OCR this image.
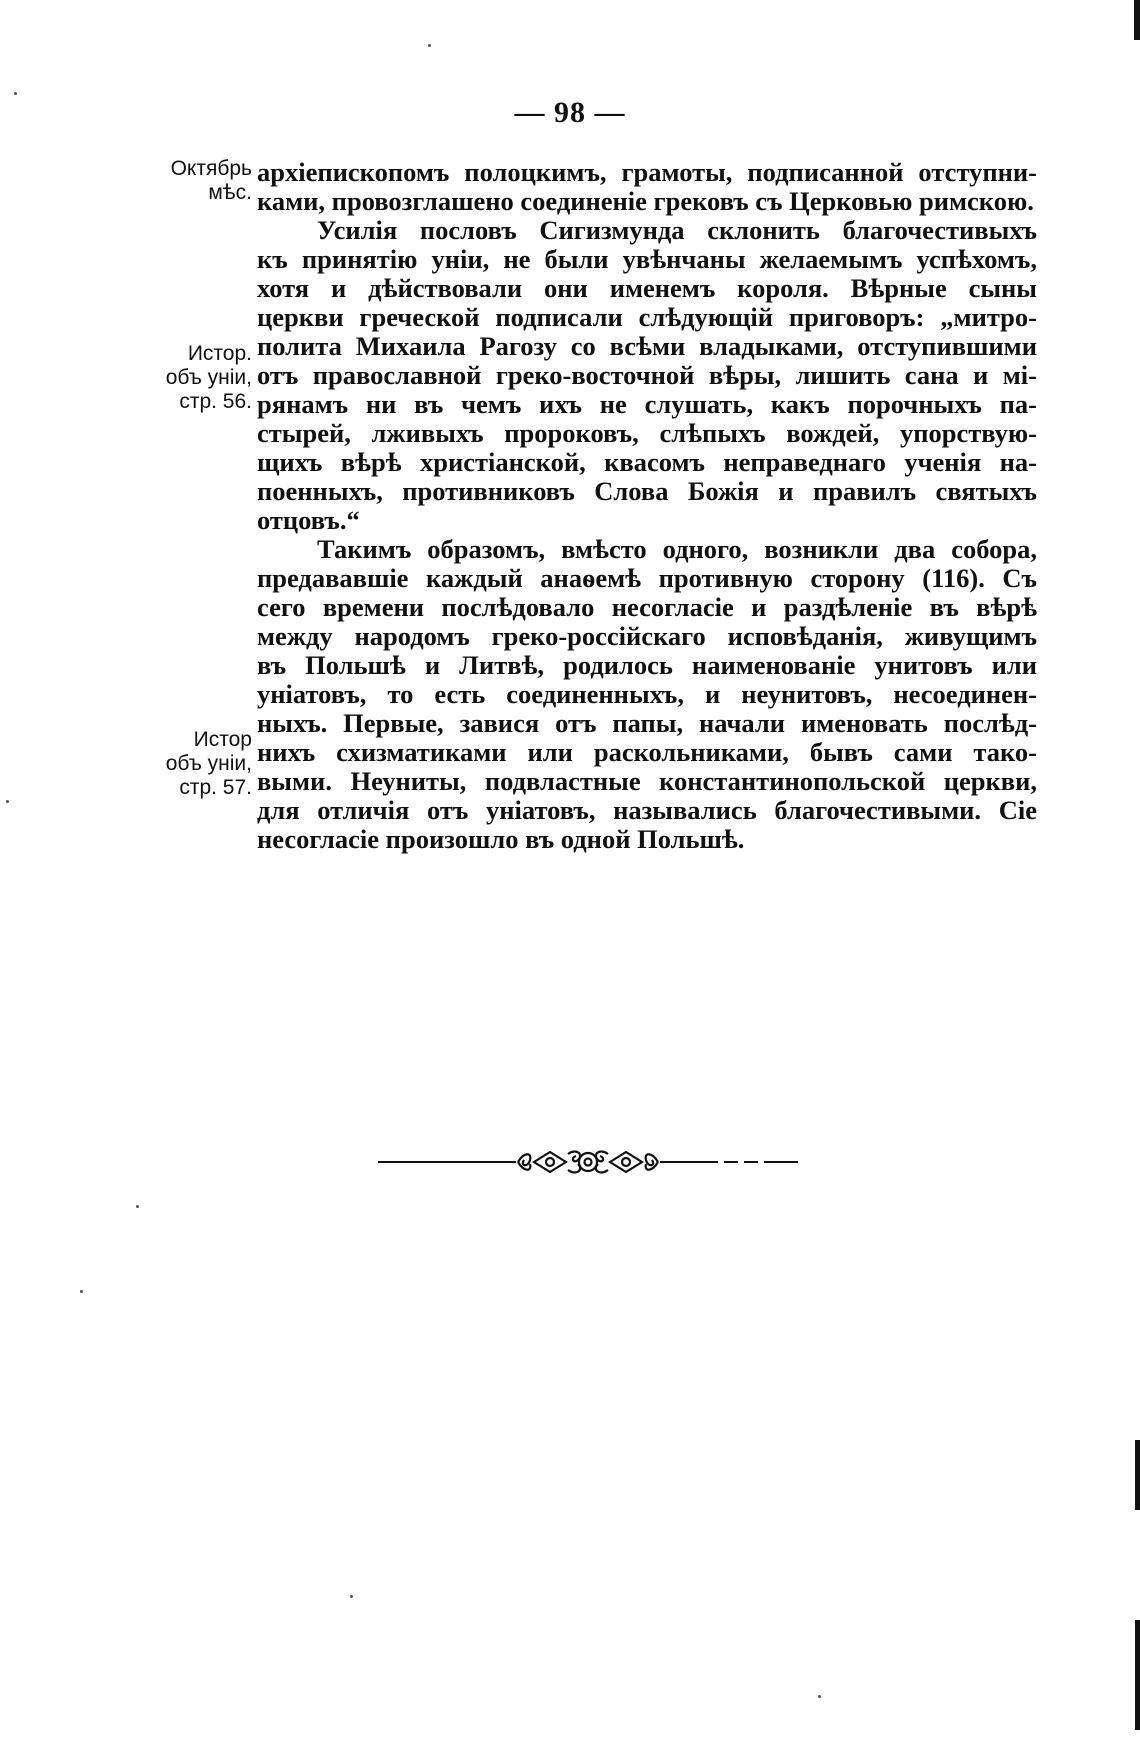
— 98 —
Октябрь
мѣс.
Истор.
объ уніи,
стр. 56.
Истор
объ уніи,
стр. 57.
архіепископомъ полоцкимъ, грамоты, подписанной отступни-
ками, провозглашено соединеніе грековъ съ Церковью римскою.
Усилія пословъ Сигизмунда склонить благочестивыхъ
къ принятію уніи, не были увѣнчаны желаемымъ успѣхомъ,
хотя и дѣйствовали они именемъ короля. Вѣрные сыны
церкви греческой подписали слѣдующій приговоръ: „митро-
полита Михаила Рагозу со всѣми владыками, отступившими
отъ православной греко-восточной вѣры, лишить сана и мі-
рянамъ ни въ чемъ ихъ не слушать, какъ порочныхъ па-
стырей, лживыхъ пророковъ, слѣпыхъ вождей, упорствую-
щихъ вѣрѣ христіанской, квасомъ неправеднаго ученія на-
поенныхъ, противниковъ Слова Божія и правилъ святыхъ
отцовъ.“
Такимъ образомъ, вмѣсто одного, возникли два собора,
предававшіе каждый анаѳемѣ противную сторону (116). Съ
сего времени послѣдовало несогласіе и раздѣленіе въ вѣрѣ
между народомъ греко-россійскаго исповѣданія, живущимъ
въ Польшѣ и Литвѣ, родилось наименованіе унитовъ или
уніатовъ, то есть соединенныхъ, и неунитовъ, несоединен-
ныхъ. Первые, завися отъ папы, начали именовать послѣд-
нихъ схизматиками или раскольниками, бывъ сами тако-
выми. Неуниты, подвластные константинопольской церкви,
для отличія отъ уніатовъ, назывались благочестивыми. Сіе
несогласіе произошло въ одной Польшѣ.
